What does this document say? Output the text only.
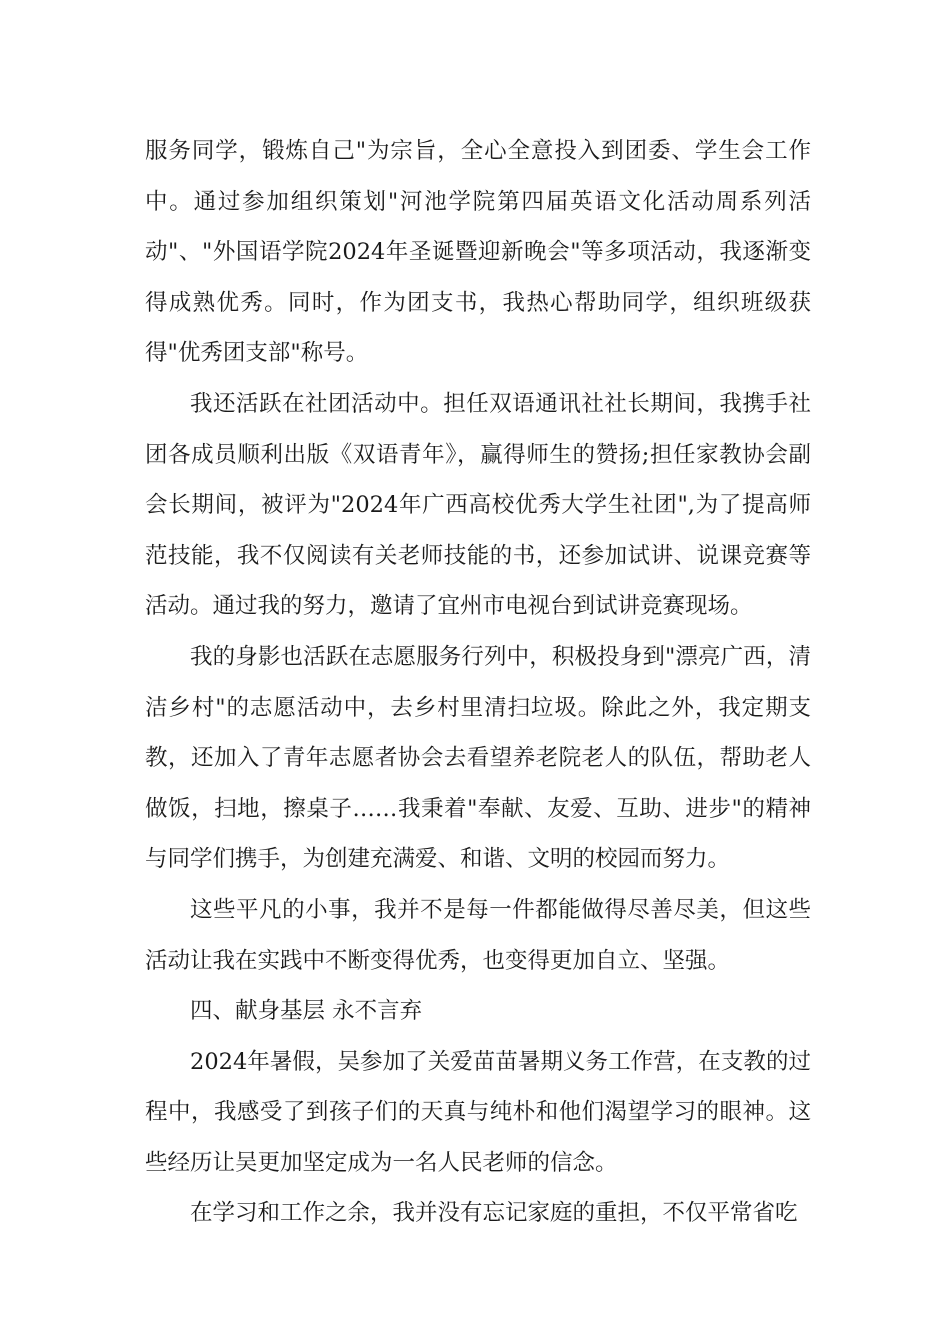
服务同学，锻炼自己"为宗旨，全心全意投入到团委、学生会工作中。通过参加组织策划"河池学院第四届英语文化活动周系列活动"、"外国语学院2024年圣诞暨迎新晚会"等多项活动，我逐渐变得成熟优秀。同时，作为团支书，我热心帮助同学，组织班级获得"优秀团支部"称号。

我还活跃在社团活动中。担任双语通讯社社长期间，我携手社团各成员顺利出版《双语青年》，赢得师生的赞扬;担任家教协会副会长期间，被评为"2024年广西高校优秀大学生社团",为了提高师范技能，我不仅阅读有关老师技能的书，还参加试讲、说课竞赛等活动。通过我的努力，邀请了宜州市电视台到试讲竞赛现场。

我的身影也活跃在志愿服务行列中，积极投身到"漂亮广西，清洁乡村"的志愿活动中，去乡村里清扫垃圾。除此之外，我定期支教，还加入了青年志愿者协会去看望养老院老人的队伍，帮助老人做饭，扫地，擦桌子……我秉着"奉献、友爱、互助、进步"的精神与同学们携手，为创建充满爱、和谐、文明的校园而努力。

这些平凡的小事，我并不是每一件都能做得尽善尽美，但这些活动让我在实践中不断变得优秀，也变得更加自立、坚强。

四、献身基层 永不言弃

2024年暑假，吴参加了关爱苗苗暑期义务工作营，在支教的过程中，我感受了到孩子们的天真与纯朴和他们渴望学习的眼神。这些经历让吴更加坚定成为一名人民老师的信念。

在学习和工作之余，我并没有忘记家庭的重担，不仅平常省吃
